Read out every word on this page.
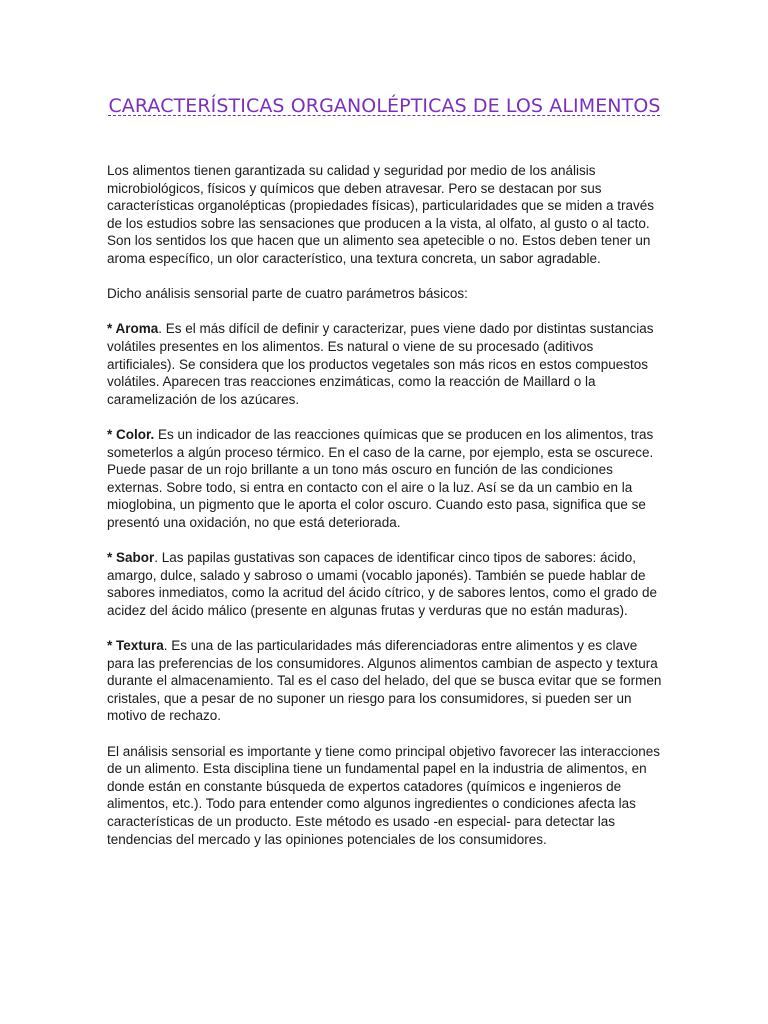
CARACTERÍSTICAS ORGANOLÉPTICAS DE LOS ALIMENTOS

Los alimentos tienen garantizada su calidad y seguridad por medio de los análisis microbiológicos, físicos y químicos que deben atravesar. Pero se destacan por sus características organolépticas (propiedades físicas), particularidades que se miden a través de los estudios sobre las sensaciones que producen a la vista, al olfato, al gusto o al tacto. Son los sentidos los que hacen que un alimento sea apetecible o no. Estos deben tener un aroma específico, un olor característico, una textura concreta, un sabor agradable.

Dicho análisis sensorial parte de cuatro parámetros básicos:

* Aroma. Es el más difícil de definir y caracterizar, pues viene dado por distintas sustancias volátiles presentes en los alimentos. Es natural o viene de su procesado (aditivos artificiales). Se considera que los productos vegetales son más ricos en estos compuestos volátiles. Aparecen tras reacciones enzimáticas, como la reacción de Maillard o la caramelización de los azúcares.

* Color. Es un indicador de las reacciones químicas que se producen en los alimentos, tras someterlos a algún proceso térmico. En el caso de la carne, por ejemplo, esta se oscurece. Puede pasar de un rojo brillante a un tono más oscuro en función de las condiciones externas. Sobre todo, si entra en contacto con el aire o la luz. Así se da un cambio en la mioglobina, un pigmento que le aporta el color oscuro. Cuando esto pasa, significa que se presentó una oxidación, no que está deteriorada.

* Sabor. Las papilas gustativas son capaces de identificar cinco tipos de sabores: ácido, amargo, dulce, salado y sabroso o umami (vocablo japonés). También se puede hablar de sabores inmediatos, como la acritud del ácido cítrico, y de sabores lentos, como el grado de acidez del ácido málico (presente en algunas frutas y verduras que no están maduras).

* Textura. Es una de las particularidades más diferenciadoras entre alimentos y es clave para las preferencias de los consumidores. Algunos alimentos cambian de aspecto y textura durante el almacenamiento. Tal es el caso del helado, del que se busca evitar que se formen cristales, que a pesar de no suponer un riesgo para los consumidores, si pueden ser un motivo de rechazo.

El análisis sensorial es importante y tiene como principal objetivo favorecer las interacciones de un alimento. Esta disciplina tiene un fundamental papel en la industria de alimentos, en donde están en constante búsqueda de expertos catadores (químicos e ingenieros de alimentos, etc.). Todo para entender como algunos ingredientes o condiciones afecta las características de un producto. Este método es usado -en especial- para detectar las tendencias del mercado y las opiniones potenciales de los consumidores.
